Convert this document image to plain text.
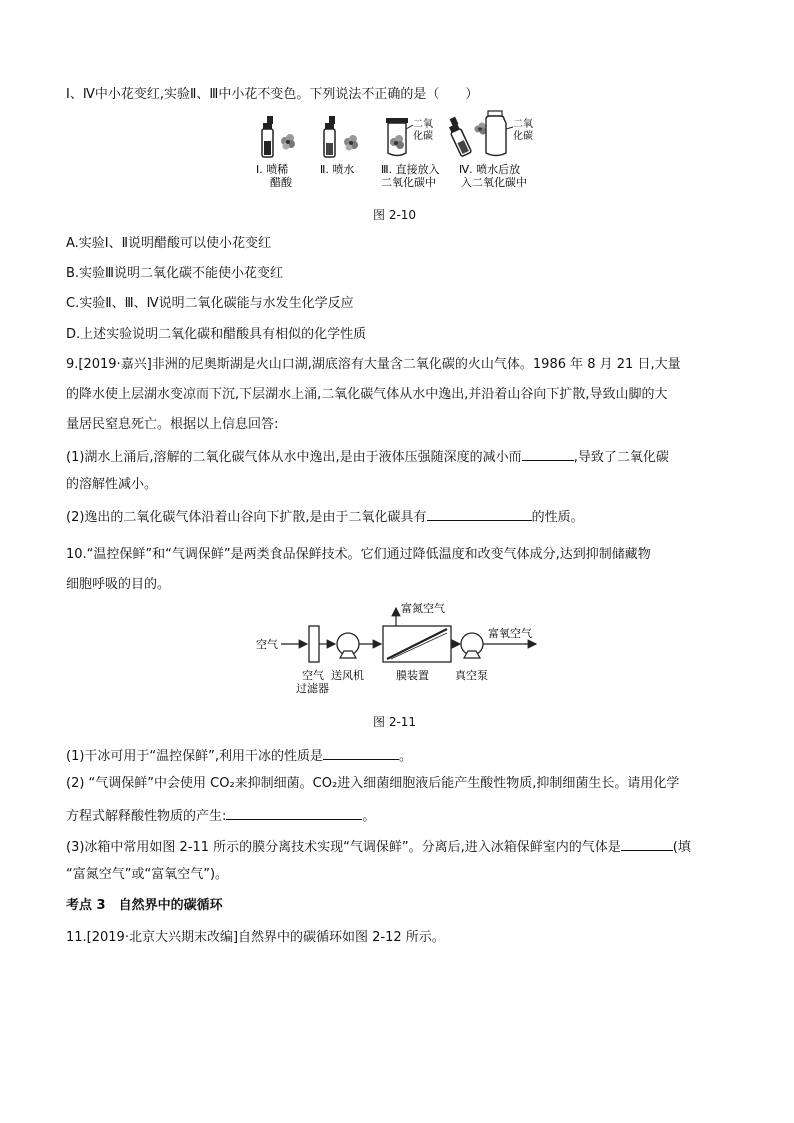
Ⅰ、Ⅳ中小花变红,实验Ⅱ、Ⅲ中小花不变色。下列说法不正确的是（　　）
二氧
化碳
二氧
化碳
Ⅰ. 喷稀
醋酸
Ⅱ. 喷水 Ⅲ. 直接放入
二氧化碳中
Ⅳ. 喷水后放
入二氧化碳中
图 2-10
A.实验Ⅰ、Ⅱ说明醋酸可以使小花变红
B.实验Ⅲ说明二氧化碳不能使小花变红
C.实验Ⅱ、Ⅲ、Ⅳ说明二氧化碳能与水发生化学反应
D.上述实验说明二氧化碳和醋酸具有相似的化学性质
9.[2019·嘉兴]非洲的尼奥斯湖是火山口湖,湖底溶有大量含二氧化碳的火山气体。1986 年 8 月 21 日,大量
的降水使上层湖水变凉而下沉,下层湖水上涌,二氧化碳气体从水中逸出,并沿着山谷向下扩散,导致山脚的大
量居民窒息死亡。根据以上信息回答:
(1)湖水上涌后,溶解的二氧化碳气体从水中逸出,是由于液体压强随深度的减小而	,导致了二氧化碳
的溶解性减小。
(2)逸出的二氧化碳气体沿着山谷向下扩散,是由于二氧化碳具有	的性质。
10.“温控保鲜”和“气调保鲜”是两类食品保鲜技术。它们通过降低温度和改变气体成分,达到抑制储藏物
细胞呼吸的目的。
空气
富氮空气
富氧空气
空气
过滤器
送风机	膜装置 真空泵
图 2-11
(1)干冰可用于“温控保鲜”,利用干冰的性质是	。
(2) “气调保鲜”中会使用 CO₂来抑制细菌。CO₂进入细菌细胞液后能产生酸性物质,抑制细菌生长。请用化学
方程式解释酸性物质的产生:	。
(3)冰箱中常用如图 2-11 所示的膜分离技术实现“气调保鲜”。分离后,进入冰箱保鲜室内的气体是	(填
“富氮空气”或“富氧空气”)。
考点 3　自然界中的碳循环
11.[2019·北京大兴期末改编]自然界中的碳循环如图 2-12 所示。
